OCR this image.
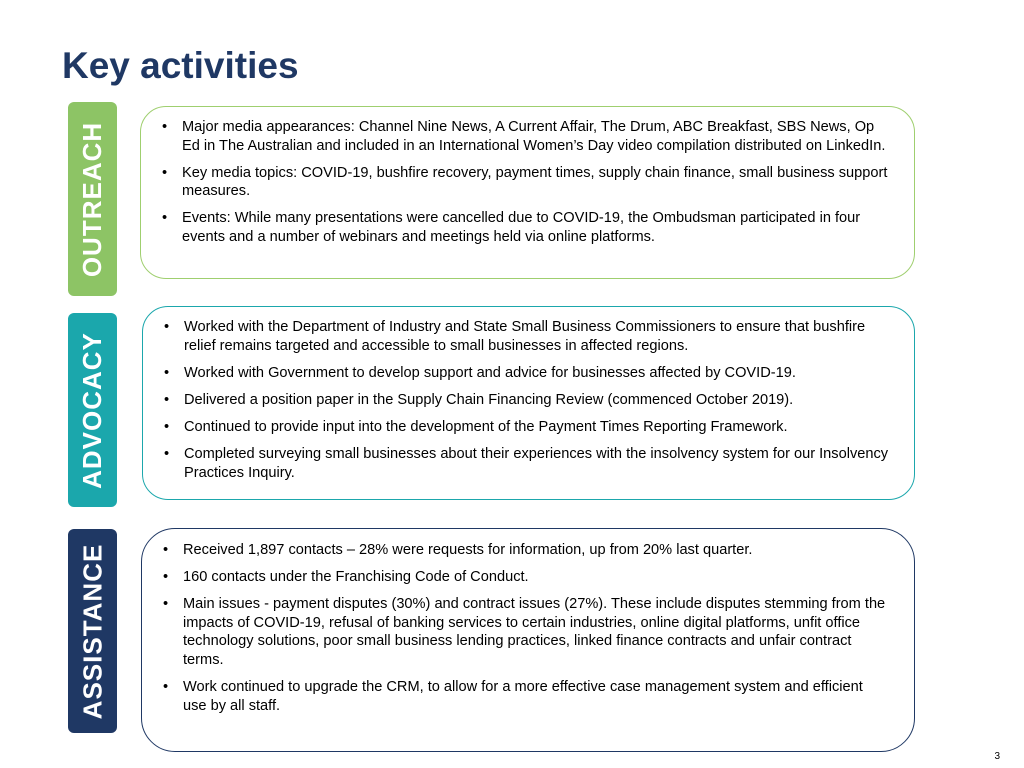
Key activities
OUTREACH	• Major media appearances: Channel Nine News, A Current Affair, The Drum, ABC Breakfast, SBS News, Op Ed in The Australian and included in an International Women’s Day video compilation distributed on LinkedIn.
• Key media topics: COVID-19, bushfire recovery, payment times, supply chain finance, small business support measures.
• Events: While many presentations were cancelled due to COVID-19, the Ombudsman participated in four events and a number of webinars and meetings held via online platforms.
ADVOCACY
• Worked with the Department of Industry and State Small Business Commissioners to ensure that bushfire relief remains targeted and accessible to small businesses in affected regions.
• Worked with Government to develop support and advice for businesses affected by COVID-19.
• Delivered a position paper in the Supply Chain Financing Review (commenced October 2019).
• Continued to provide input into the development of the Payment Times Reporting Framework.
• Completed surveying small businesses about their experiences with the insolvency system for our Insolvency Practices Inquiry.
ASSISTANCE	• Received 1,897 contacts – 28% were requests for information, up from 20% last quarter.
• 160 contacts under the Franchising Code of Conduct.
• Main issues - payment disputes (30%) and contract issues (27%). These include disputes stemming from the impacts of COVID-19, refusal of banking services to certain industries, online digital platforms, unfit office technology solutions, poor small business lending practices, linked finance contracts and unfair contract terms.
• Work continued to upgrade the CRM, to allow for a more effective case management system and efficient use by all staff.
3
